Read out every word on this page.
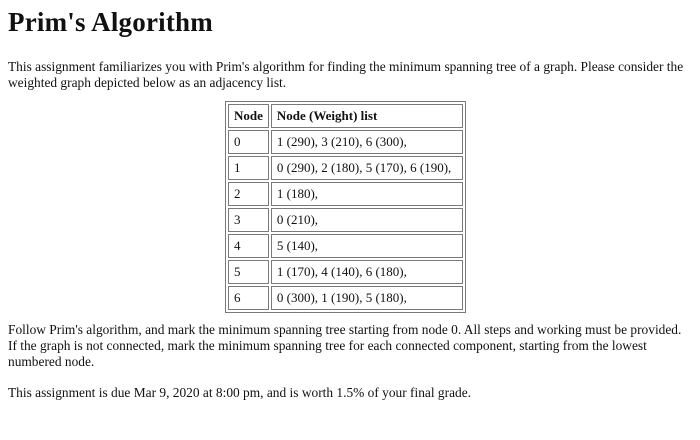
Prim's Algorithm

This assignment familiarizes you with Prim's algorithm for finding the minimum spanning tree of a graph. Please consider the weighted graph depicted below as an adjacency list.

Node	Node (Weight) list
0	1 (290), 3 (210), 6 (300),
1	0 (290), 2 (180), 5 (170), 6 (190),
2	1 (180),
3	0 (210),
4	5 (140),
5	1 (170), 4 (140), 6 (180),
6	0 (300), 1 (190), 5 (180),

Follow Prim's algorithm, and mark the minimum spanning tree starting from node 0. All steps and working must be provided. If the graph is not connected, mark the minimum spanning tree for each connected component, starting from the lowest numbered node.

This assignment is due Mar 9, 2020 at 8:00 pm, and is worth 1.5% of your final grade.
